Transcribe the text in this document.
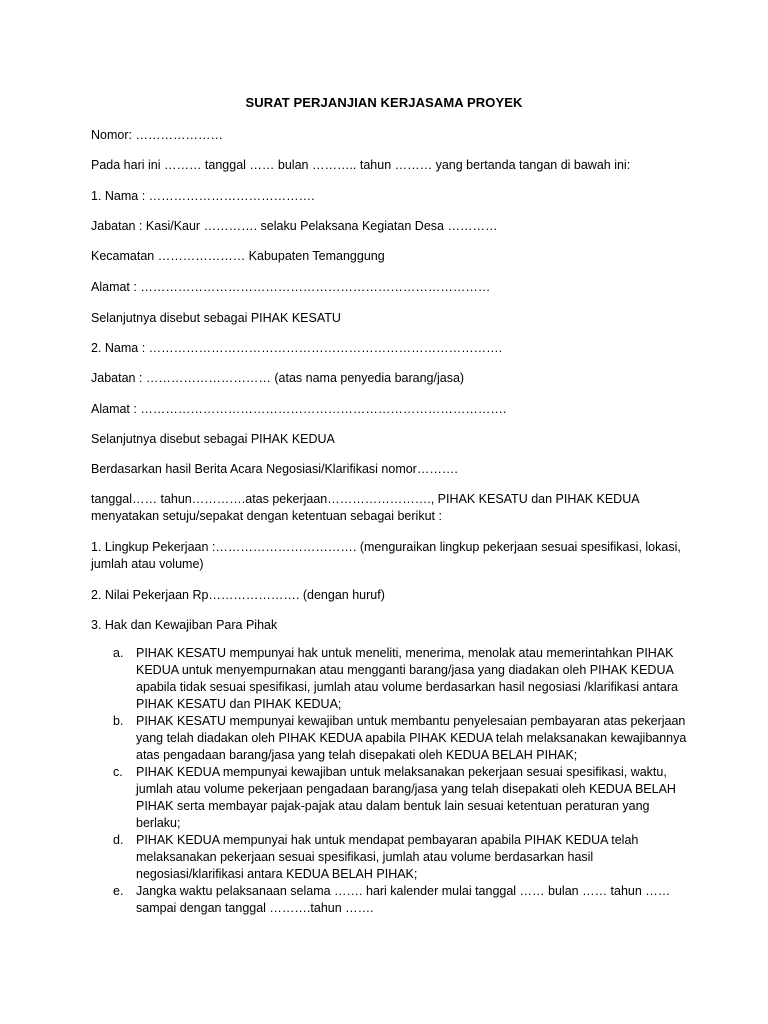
SURAT PERJANJIAN KERJASAMA PROYEK
Nomor: …………………
Pada hari ini ……… tanggal …… bulan ……….. tahun ……… yang bertanda tangan di bawah ini:
1. Nama : ………………………………….
Jabatan : Kasi/Kaur …………. selaku Pelaksana Kegiatan Desa …………
Kecamatan ………………… Kabupaten Temanggung
Alamat : …………………………………………………………………………
Selanjutnya disebut sebagai PIHAK KESATU
2. Nama : ………………………………………………………………………….
Jabatan : ………………………… (atas nama penyedia barang/jasa)
Alamat : …………………………………………………………………………….
Selanjutnya disebut sebagai PIHAK KEDUA
Berdasarkan hasil Berita Acara Negosiasi/Klarifikasi nomor……….
tanggal…… tahun………….atas pekerjaan……………………., PIHAK KESATU dan PIHAK KEDUA menyatakan setuju/sepakat dengan ketentuan sebagai berikut :
1. Lingkup Pekerjaan :……………………………. (menguraikan lingkup pekerjaan sesuai spesifikasi, lokasi, jumlah atau volume)
2. Nilai Pekerjaan Rp…………………. (dengan huruf)
3. Hak dan Kewajiban Para Pihak
a.	PIHAK KESATU mempunyai hak untuk meneliti, menerima, menolak atau memerintahkan PIHAK KEDUA untuk menyempurnakan atau mengganti barang/jasa yang diadakan oleh PIHAK KEDUA apabila tidak sesuai spesifikasi, jumlah atau volume berdasarkan hasil negosiasi /klarifikasi antara PIHAK KESATU dan PIHAK KEDUA;
b.	PIHAK KESATU mempunyai kewajiban untuk membantu penyelesaian pembayaran atas pekerjaan yang telah diadakan oleh PIHAK KEDUA apabila PIHAK KEDUA telah melaksanakan kewajibannya atas pengadaan barang/jasa yang telah disepakati oleh KEDUA BELAH PIHAK;
c.	PIHAK KEDUA mempunyai kewajiban untuk melaksanakan pekerjaan sesuai spesifikasi, waktu, jumlah atau volume pekerjaan pengadaan barang/jasa yang telah disepakati oleh KEDUA BELAH PIHAK serta membayar pajak-pajak atau dalam bentuk lain sesuai ketentuan peraturan yang berlaku;
d.	PIHAK KEDUA mempunyai hak untuk mendapat pembayaran apabila PIHAK KEDUA telah melaksanakan pekerjaan sesuai spesifikasi, jumlah atau volume berdasarkan hasil negosiasi/klarifikasi antara KEDUA BELAH PIHAK;
e.	Jangka waktu pelaksanaan selama ……. hari kalender mulai tanggal …… bulan …… tahun …… sampai dengan tanggal ……….tahun …….
